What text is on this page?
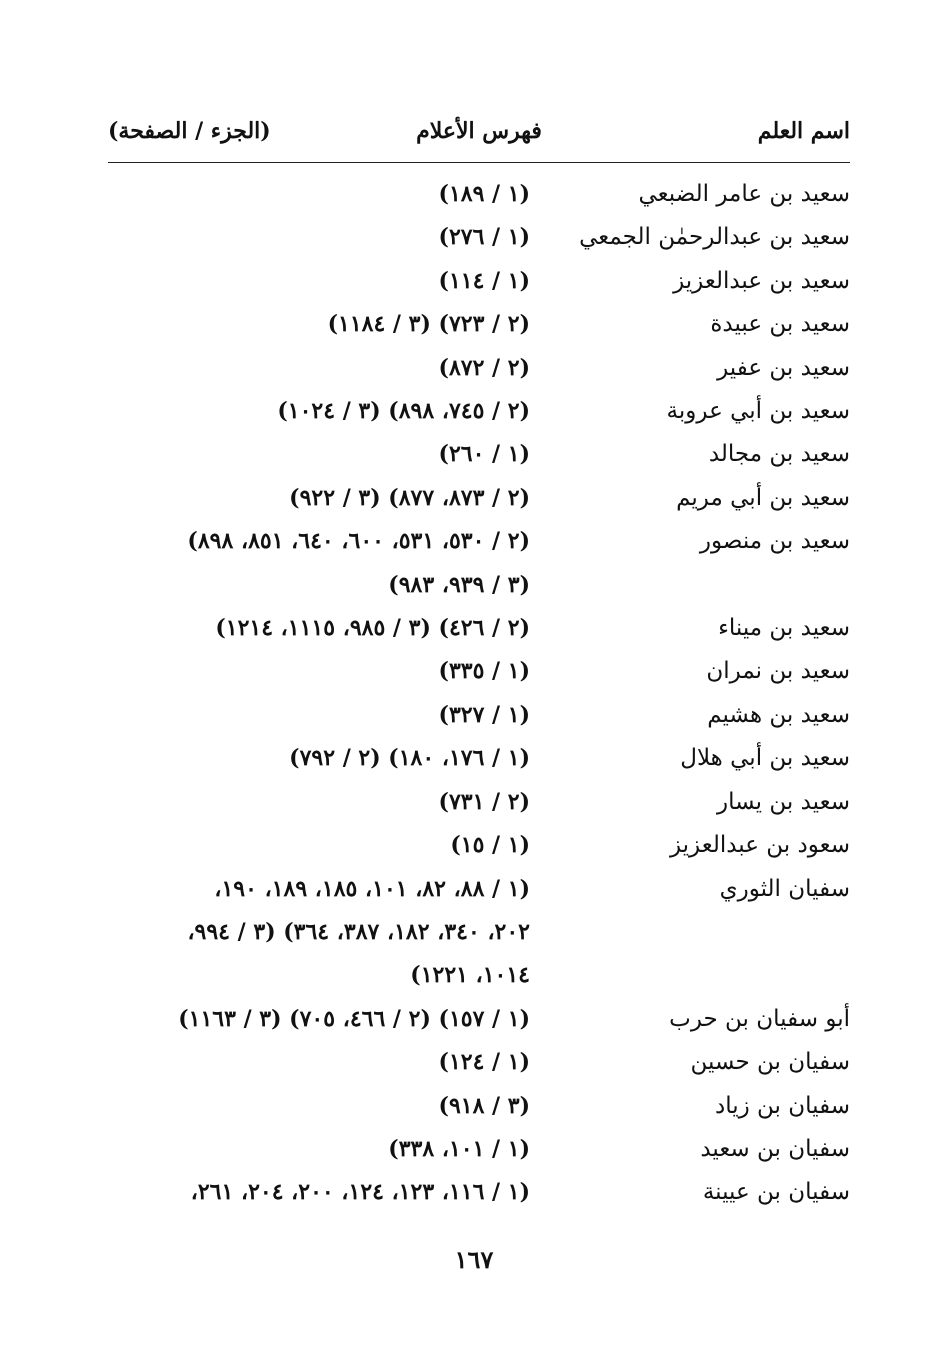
اسم العلم
فهرس الأعلام
(الجزء / الصفحة)
سعيد بن عامر الضبعي
(١ / ١٨٩)
سعيد بن عبدالرحمٰن الجمعي
(١ / ٢٧٦)
سعيد بن عبدالعزيز
(١ / ١١٤)
سعيد بن عبيدة
(٢ / ٧٢٣) (٣ / ١١٨٤)
سعيد بن عفير
(٢ / ٨٧٢)
سعيد بن أبي عروبة
(٢ / ٧٤٥، ٨٩٨) (٣ / ١٠٢٤)
سعيد بن مجالد
(١ / ٢٦٠)
سعيد بن أبي مريم
(٢ / ٨٧٣، ٨٧٧) (٣ / ٩٢٢)
سعيد بن منصور
(٢ / ٥٣٠، ٥٣١، ٦٠٠، ٦٤٠، ٨٥١، ٨٩٨)
(٣ / ٩٣٩، ٩٨٣)
سعيد بن ميناء
(٢ / ٤٢٦) (٣ / ٩٨٥، ١١١٥، ١٢١٤)
سعيد بن نمران
(١ / ٣٣٥)
سعيد بن هشيم
(١ / ٣٢٧)
سعيد بن أبي هلال
(١ / ١٧٦، ١٨٠) (٢ / ٧٩٢)
سعيد بن يسار
(٢ / ٧٣١)
سعود بن عبدالعزيز
(١ / ١٥)
سفيان الثوري
(١ / ٨٨، ٨٢، ١٠١، ١٨٥، ١٨٩، ١٩٠،
٢٠٢، ٣٤٠، ١٨٢، ٣٨٧، ٣٦٤) (٣ / ٩٩٤،
١٠١٤، ١٢٢١)
أبو سفيان بن حرب
(١ / ١٥٧) (٢ / ٤٦٦، ٧٠٥) (٣ / ١١٦٣)
سفيان بن حسين
(١ / ١٢٤)
سفيان بن زياد
(٣ / ٩١٨)
سفيان بن سعيد
(١ / ١٠١، ٣٣٨)
سفيان بن عيينة
(١ / ١١٦، ١٢٣، ١٢٤، ٢٠٠، ٢٠٤، ٢٦١،
١٦٧
